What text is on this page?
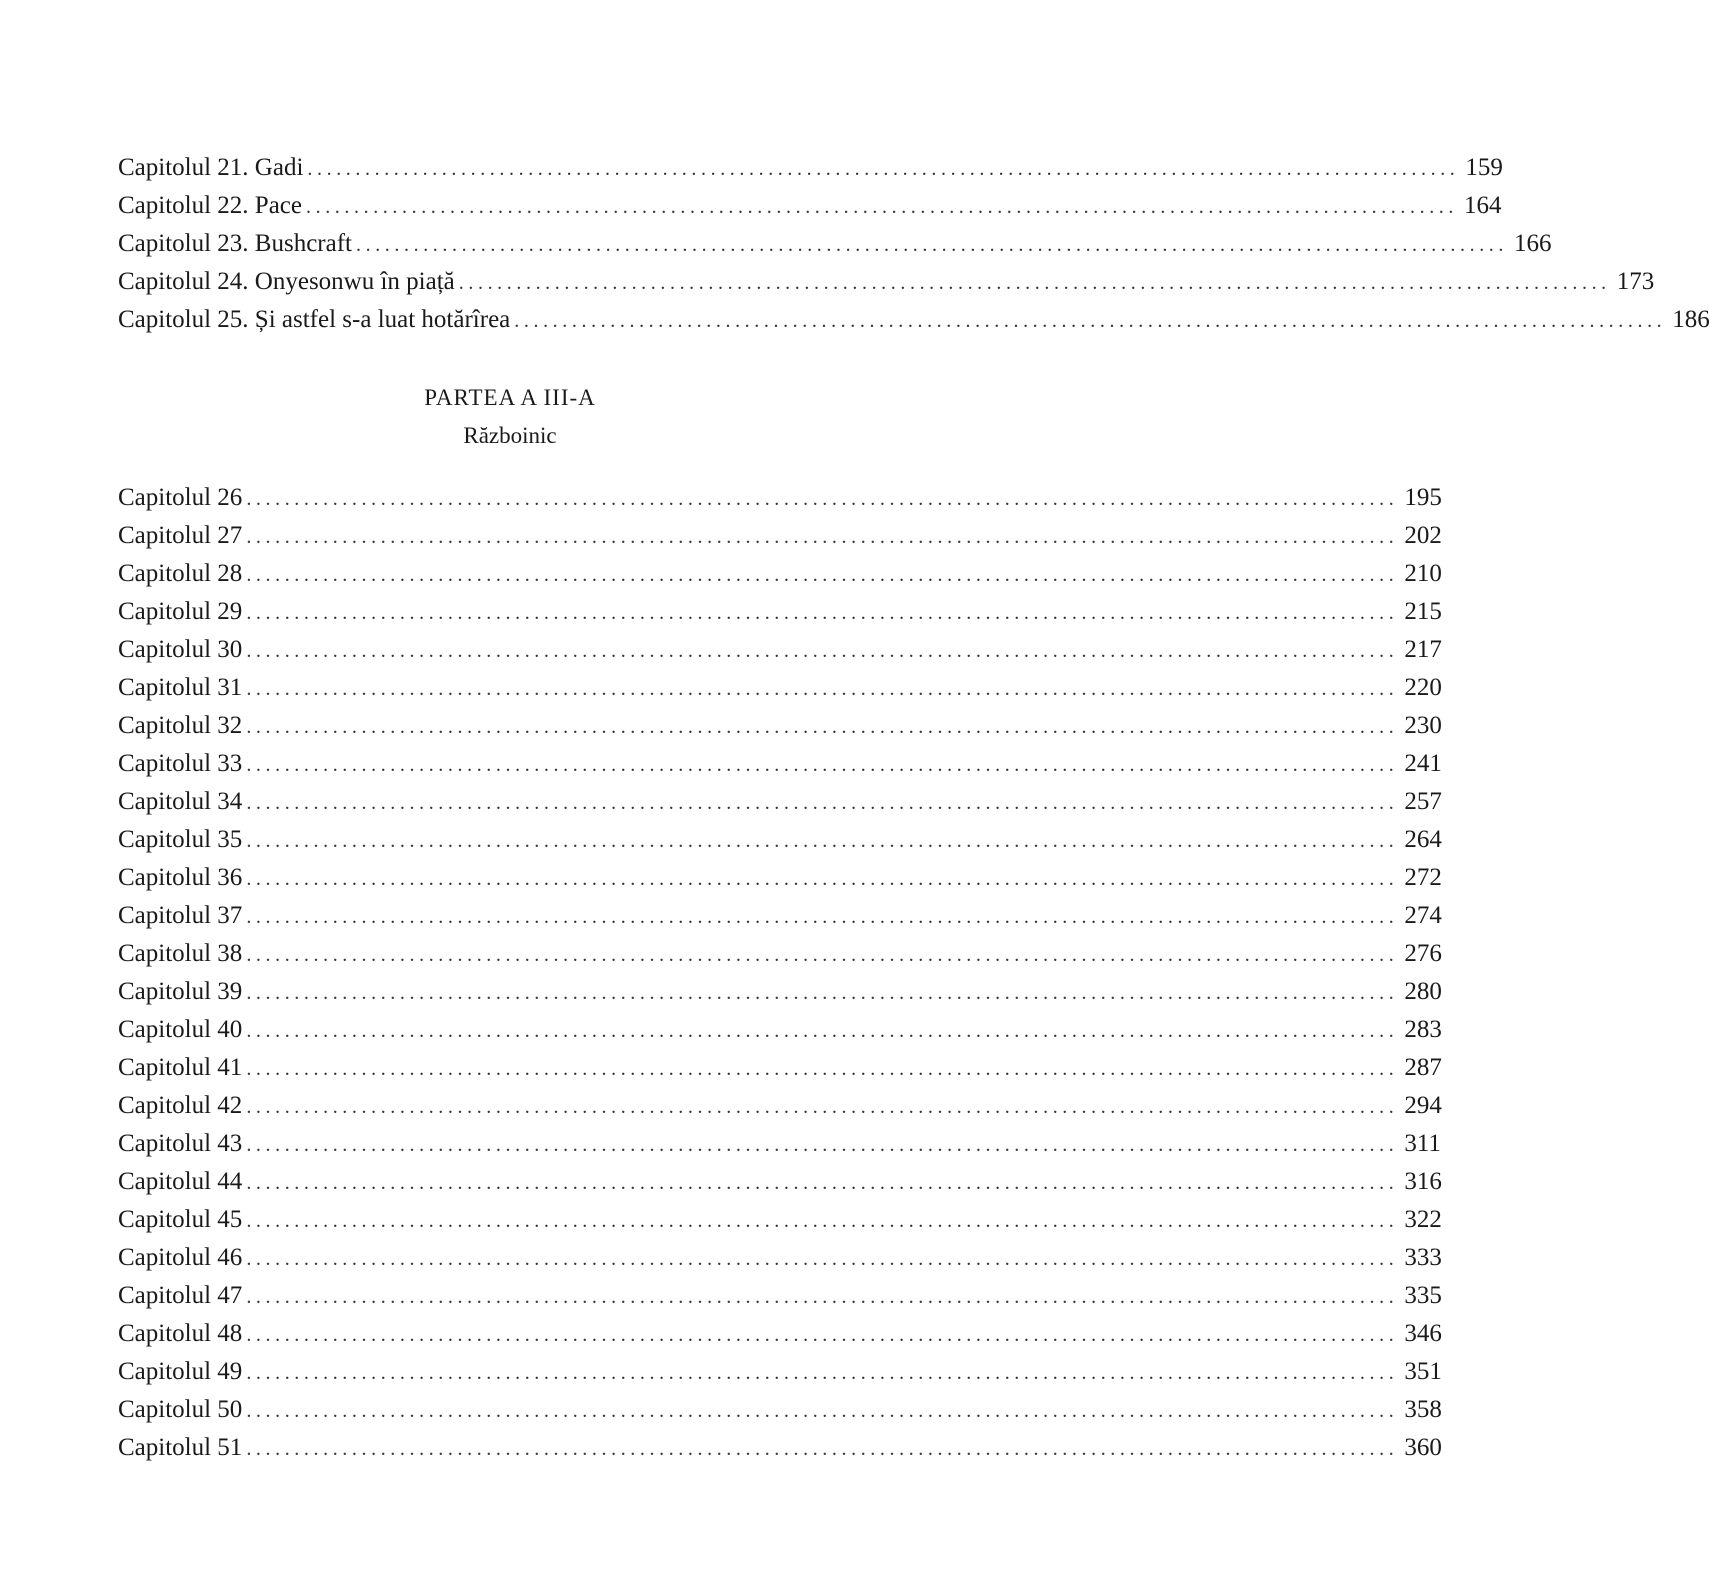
Capitolul 21. Gadi ........................................................................................................................ 159
Capitolul 22. Pace ........................................................................................................................ 164
Capitolul 23. Bushcraft ........................................................................................................................ 166
Capitolul 24. Onyesonwu în piață ........................................................................................................................ 173
Capitolul 25. Și astfel s-a luat hotărîrea ........................................................................................................................ 186
PARTEA A III-A
Războinic
Capitolul 26 ........................................................................................................................ 195
Capitolul 27 ........................................................................................................................ 202
Capitolul 28 ........................................................................................................................ 210
Capitolul 29 ........................................................................................................................ 215
Capitolul 30 ........................................................................................................................ 217
Capitolul 31 ........................................................................................................................ 220
Capitolul 32 ........................................................................................................................ 230
Capitolul 33 ........................................................................................................................ 241
Capitolul 34 ........................................................................................................................ 257
Capitolul 35 ........................................................................................................................ 264
Capitolul 36 ........................................................................................................................ 272
Capitolul 37 ........................................................................................................................ 274
Capitolul 38 ........................................................................................................................ 276
Capitolul 39 ........................................................................................................................ 280
Capitolul 40 ........................................................................................................................ 283
Capitolul 41 ........................................................................................................................ 287
Capitolul 42 ........................................................................................................................ 294
Capitolul 43 ........................................................................................................................ 311
Capitolul 44 ........................................................................................................................ 316
Capitolul 45 ........................................................................................................................ 322
Capitolul 46 ........................................................................................................................ 333
Capitolul 47 ........................................................................................................................ 335
Capitolul 48 ........................................................................................................................ 346
Capitolul 49 ........................................................................................................................ 351
Capitolul 50 ........................................................................................................................ 358
Capitolul 51 ........................................................................................................................ 360
